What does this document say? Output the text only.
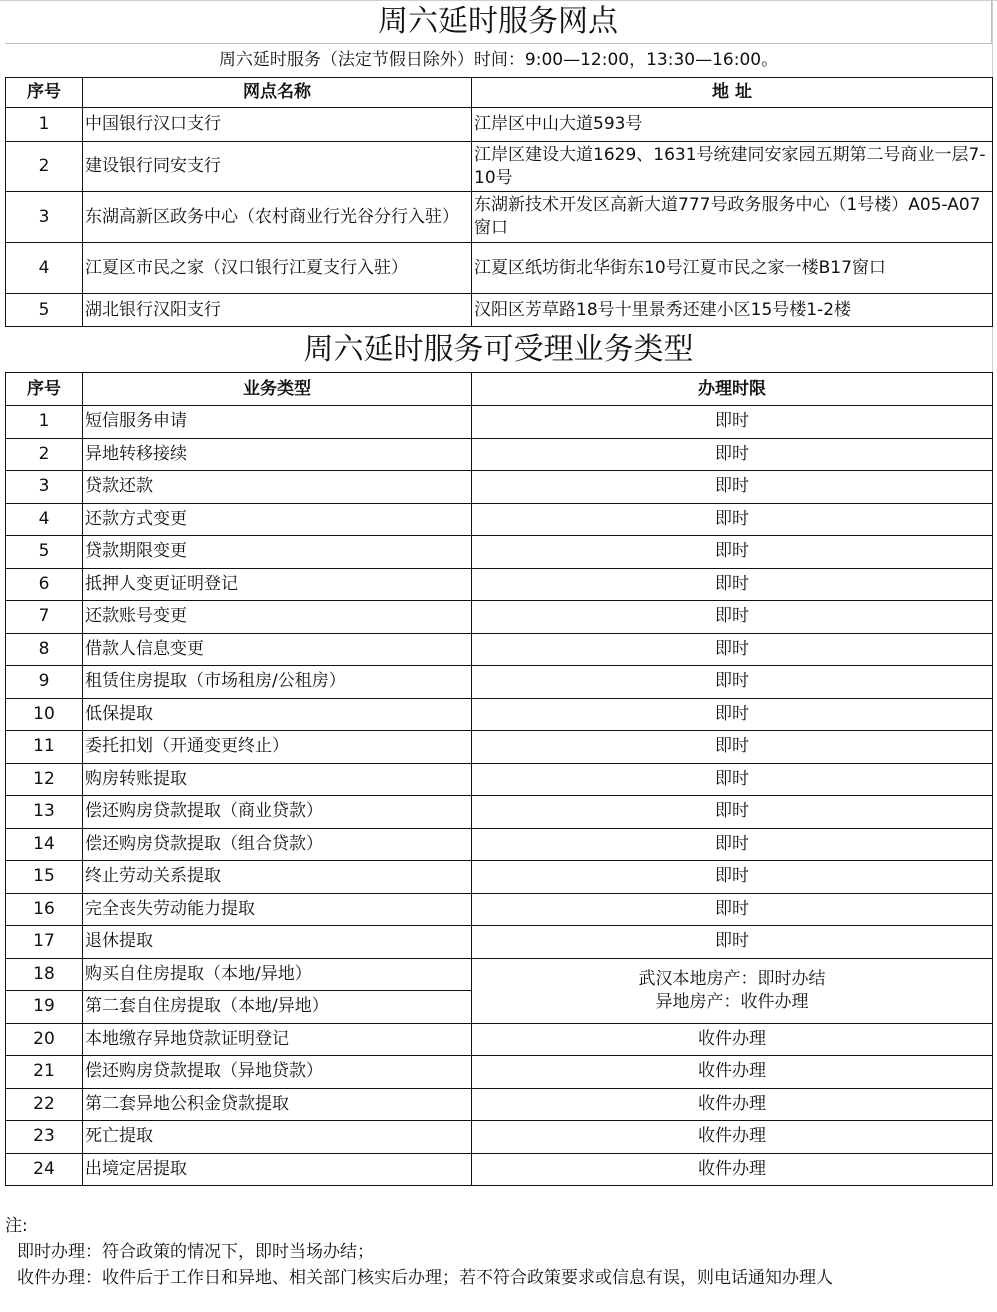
周六延时服务网点
周六延时服务（法定节假日除外）时间：9:00—12:00，13:30—16:00。
序号	网点名称	地 址
1	中国银行汉口支行	江岸区中山大道593号
2	建设银行同安支行	江岸区建设大道1629、1631号统建同安家园五期第二号商业一层7-10号
3	东湖高新区政务中心（农村商业行光谷分行入驻）	东湖新技术开发区高新大道777号政务服务中心（1号楼）A05-A07窗口
4	江夏区市民之家（汉口银行江夏支行入驻）	江夏区纸坊街北华街东10号江夏市民之家一楼B17窗口
5	湖北银行汉阳支行	汉阳区芳草路18号十里景秀还建小区15号楼1-2楼
周六延时服务可受理业务类型
序号	业务类型	办理时限
1	短信服务申请	即时
2	异地转移接续	即时
3	贷款还款	即时
4	还款方式变更	即时
5	贷款期限变更	即时
6	抵押人变更证明登记	即时
7	还款账号变更	即时
8	借款人信息变更	即时
9	租赁住房提取（市场租房/公租房）	即时
10	低保提取	即时
11	委托扣划（开通变更终止）	即时
12	购房转账提取	即时
13	偿还购房贷款提取（商业贷款）	即时
14	偿还购房贷款提取（组合贷款）	即时
15	终止劳动关系提取	即时
16	完全丧失劳动能力提取	即时
17	退休提取	即时
18	购买自住房提取（本地/异地）	武汉本地房产：即时办结
异地房产：收件办理

19	第二套自住房提取（本地/异地）	
20	本地缴存异地贷款证明登记	收件办理
21	偿还购房贷款提取（异地贷款）	收件办理
22	第二套异地公积金贷款提取	收件办理
23	死亡提取	收件办理
24	出境定居提取	收件办理
注:
即时办理：符合政策的情况下，即时当场办结；
收件办理：收件后于工作日和异地、相关部门核实后办理；若不符合政策要求或信息有误，则电话通知办理人
